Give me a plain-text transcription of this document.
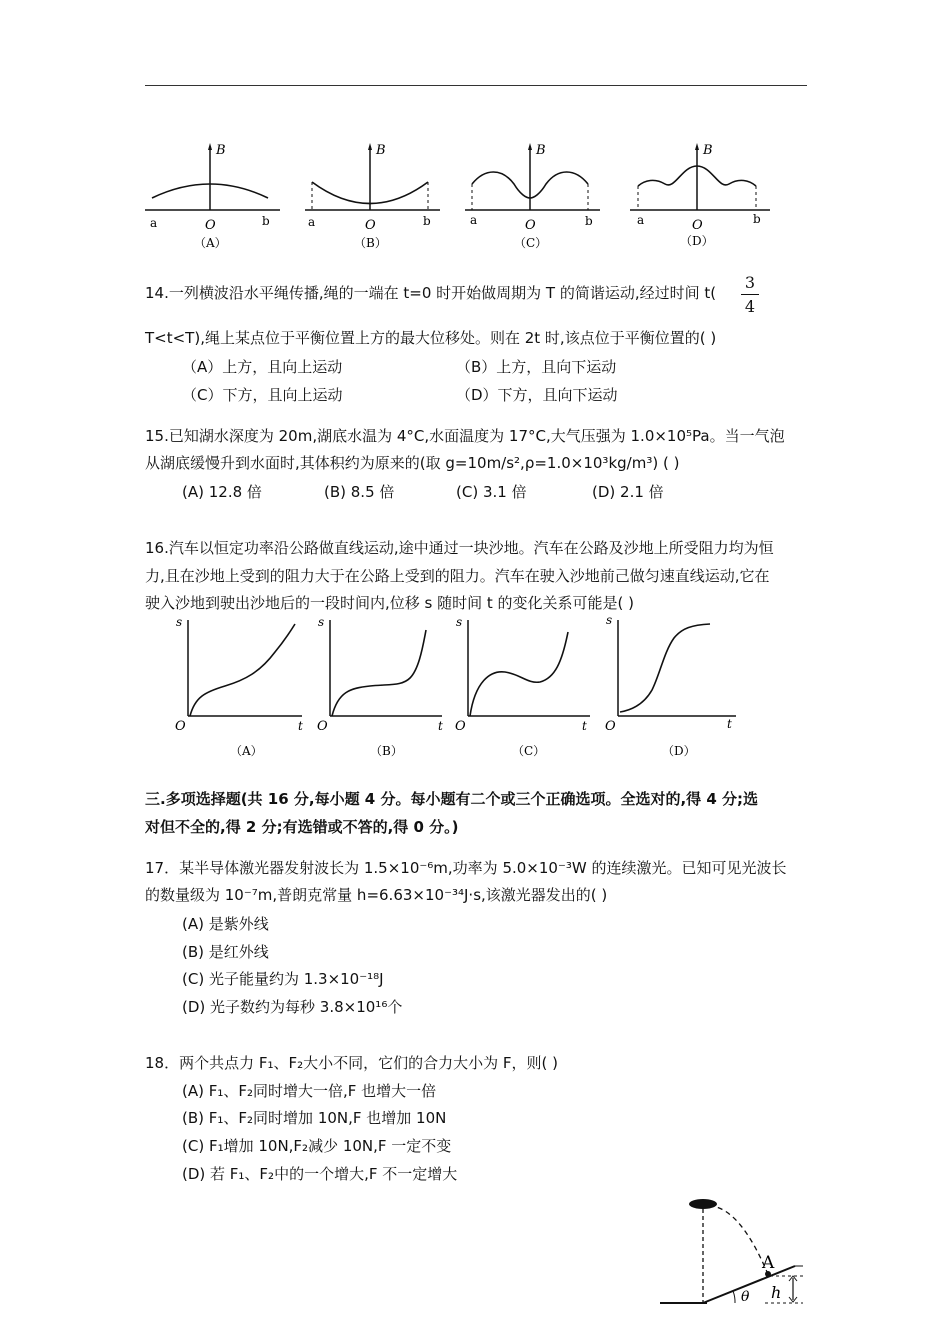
B
O
a	b
（A）
B
O
a	b
（B）
B
O
a	b
（C）
B
O
a	b
（D）
14.一列横波沿水平绳传播,绳的一端在 t=0 时开始做周期为 T 的简谐运动,经过时间 t(
3
4
T<t<T),绳上某点位于平衡位置上方的最大位移处。则在 2t 时,该点位于平衡位置的( )
（A）上方，且向上运动	（B）上方，且向下运动
（C）下方，且向上运动	（D）下方，且向下运动
15.已知湖水深度为 20m,湖底水温为 4°C,水面温度为 17°C,大气压强为 1.0×10⁵Pa。当一气泡
从湖底缓慢升到水面时,其体积约为原来的(取 g=10m/s²,ρ=1.0×10³kg/m³) ( )
(A) 12.8 倍	(B) 8.5 倍	(C) 3.1 倍	(D) 2.1 倍
16.汽车以恒定功率沿公路做直线运动,途中通过一块沙地。汽车在公路及沙地上所受阻力均为恒
力,且在沙地上受到的阻力大于在公路上受到的阻力。汽车在驶入沙地前己做匀速直线运动,它在
驶入沙地到驶出沙地后的一段时间内,位移 s 随时间 t 的变化关系可能是( )
s
t
O
（A）
s
t
O
（B）
s
t
O
（C）
s
t
O
（D）
三.多项选择题(共 16 分,每小题 4 分。每小题有二个或三个正确选项。全选对的,得 4 分;选
对但不全的,得 2 分;有选错或不答的,得 0 分。)
17．某半导体激光器发射波长为 1.5×10⁻⁶m,功率为 5.0×10⁻³W 的连续激光。已知可见光波长
的数量级为 10⁻⁷m,普朗克常量 h=6.63×10⁻³⁴J·s,该激光器发出的( )
(A) 是紫外线
(B) 是红外线
(C) 光子能量约为 1.3×10⁻¹⁸J
(D) 光子数约为每秒 3.8×10¹⁶个
18．两个共点力 F₁、F₂大小不同，它们的合力大小为 F，则( )
(A) F₁、F₂同时增大一倍,F 也增大一倍
(B) F₁、F₂同时增加 10N,F 也增加 10N
(C) F₁增加 10N,F₂减少 10N,F 一定不变
(D) 若 F₁、F₂中的一个增大,F 不一定增大
A
h
θ
